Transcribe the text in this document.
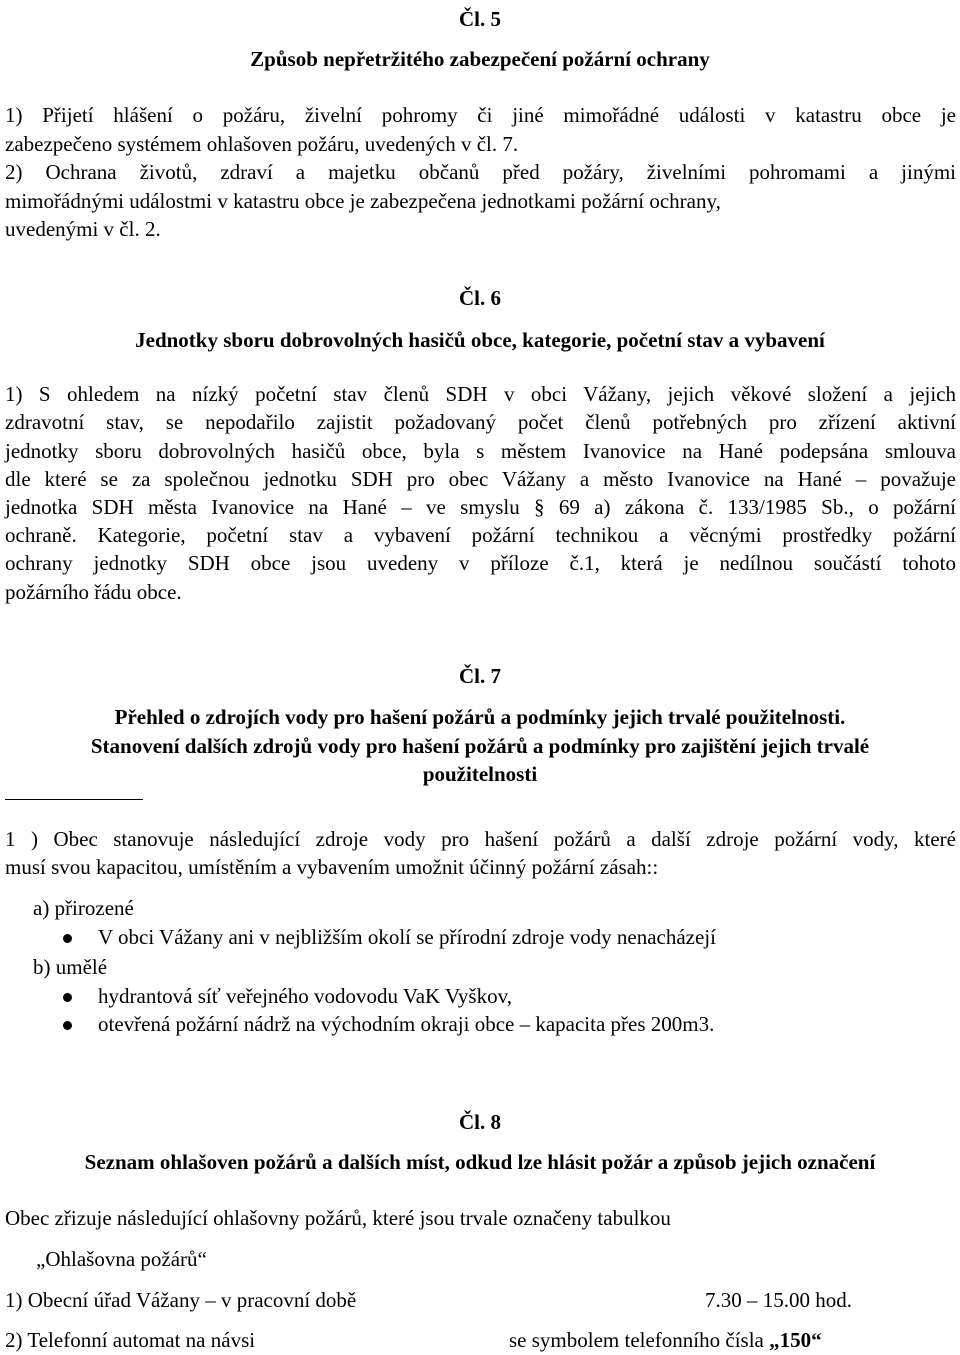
Čl. 5
Způsob nepřetržitého zabezpečení požární ochrany
1) Přijetí hlášení o požáru, živelní pohromy či jiné mimořádné události v katastru obce je
zabezpečeno systémem ohlašoven požáru, uvedených v čl. 7.
2) Ochrana životů, zdraví a majetku občanů před požáry, živelními pohromami a jinými
mimořádnými událostmi v katastru obce je zabezpečena jednotkami požární ochrany,
uvedenými v čl. 2.
Čl. 6
Jednotky sboru dobrovolných hasičů obce, kategorie, početní stav a vybavení
1) S ohledem na nízký početní stav členů SDH v obci Vážany, jejich věkové složení a jejich
zdravotní stav, se nepodařilo zajistit požadovaný počet členů potřebných pro zřízení aktivní
jednotky sboru dobrovolných hasičů obce, byla s městem Ivanovice na Hané podepsána smlouva
dle které se za společnou jednotku SDH pro obec Vážany a město Ivanovice na Hané – považuje
jednotka SDH města Ivanovice na Hané – ve smyslu § 69 a) zákona č. 133/1985 Sb., o požární
ochraně. Kategorie, početní stav a vybavení požární technikou a věcnými prostředky požární
ochrany jednotky SDH obce jsou uvedeny v příloze č.1, která je nedílnou součástí tohoto
požárního řádu obce.
Čl. 7
Přehled o zdrojích vody pro hašení požárů a podmínky jejich trvalé použitelnosti.
Stanovení dalších zdrojů vody pro hašení požárů a podmínky pro zajištění jejich trvalé
použitelnosti
1 ) Obec stanovuje následující zdroje vody pro hašení požárů a další zdroje požární vody, které
musí svou kapacitou, umístěním a vybavením umožnit účinný požární zásah::
a) přirozené
V obci Vážany ani v nejbližším okolí se přírodní zdroje vody nenacházejí
b) umělé
hydrantová síť veřejného vodovodu VaK Vyškov,
otevřená požární nádrž na východním okraji obce – kapacita přes 200m3.
Čl. 8
Seznam ohlašoven požárů a dalších míst, odkud lze hlásit požár a způsob jejich označení
Obec zřizuje následující ohlašovny požárů, které jsou trvale označeny tabulkou
„Ohlašovna požárů“
1) Obecní úřad Vážany – v pracovní době	7.30 – 15.00 hod.
2) Telefonní automat na návsi	se symbolem telefonního čísla „150“
